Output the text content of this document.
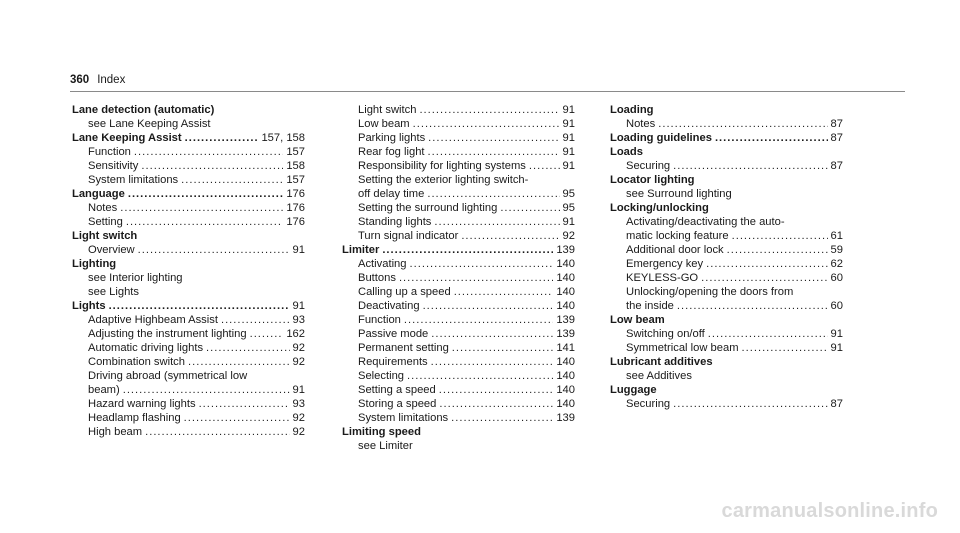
360 Index
Lane detection (automatic)
see Lane Keeping Assist
Lane Keeping Assist .....	157, 158
Function .....	157
Sensitivity .....	158
System limitations .....	157
Language .....	176
Notes .....	176
Setting .....	176
Light switch
Overview .....	91
Lighting
see Interior lighting
see Lights
Lights .....	91
Adaptive Highbeam Assist .....	93
Adjusting the instrument lighting .....	162
Automatic driving lights .....	92
Combination switch .....	92
Driving abroad (symmetrical low
beam) .....	91
Hazard warning lights .....	93
Headlamp flashing .....	92
High beam .....	92
Light switch .....	91
Low beam .....	91
Parking lights .....	91
Rear fog light .....	91
Responsibility for lighting systems .....	91
Setting the exterior lighting switch-
off delay time .....	95
Setting the surround lighting .....	95
Standing lights .....	91
Turn signal indicator .....	92
Limiter .....	139
Activating .....	140
Buttons .....	140
Calling up a speed .....	140
Deactivating .....	140
Function .....	139
Passive mode .....	139
Permanent setting .....	141
Requirements .....	140
Selecting .....	140
Setting a speed .....	140
Storing a speed .....	140
System limitations .....	139
Limiting speed
see Limiter
Loading
Notes .....	87
Loading guidelines .....	87
Loads
Securing .....	87
Locator lighting
see Surround lighting
Locking/unlocking
Activating/deactivating the auto-
matic locking feature .....	61
Additional door lock .....	59
Emergency key .....	62
KEYLESS-GO .....	60
Unlocking/opening the doors from
the inside .....	60
Low beam
Switching on/off .....	91
Symmetrical low beam .....	91
Lubricant additives
see Additives
Luggage
Securing .....	87
carmanualsonline.info
